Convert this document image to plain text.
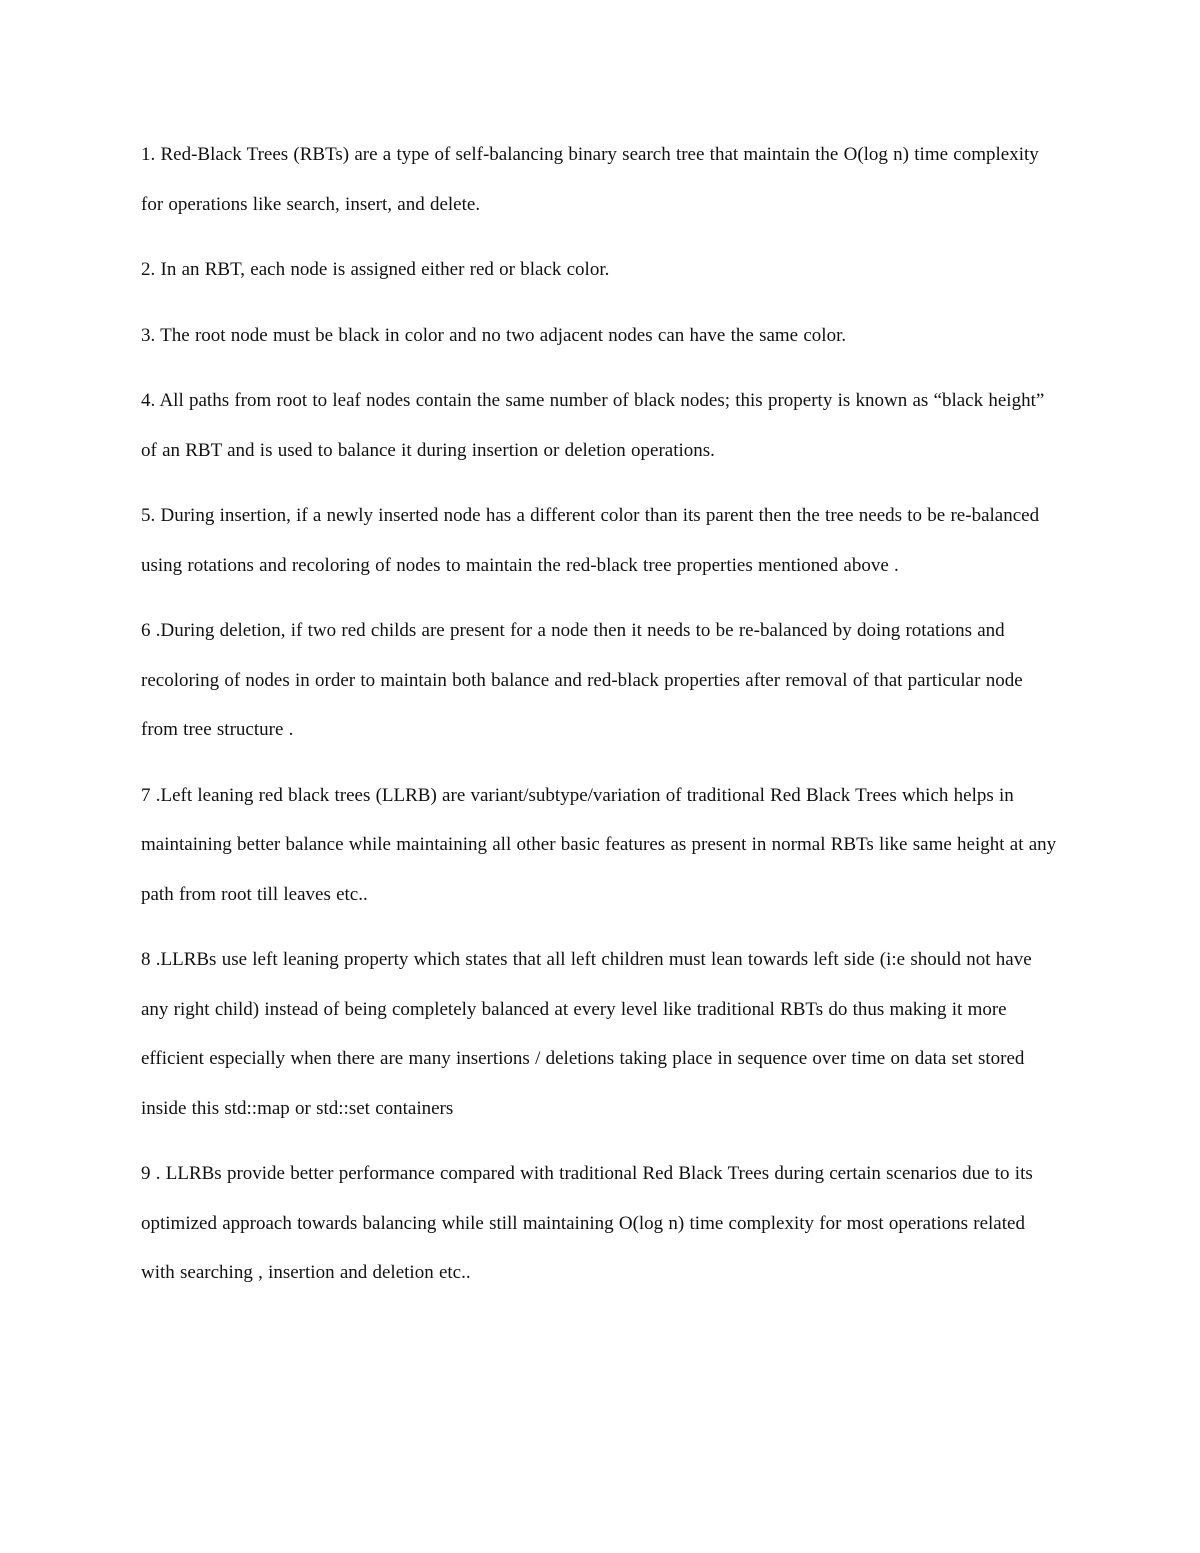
1. Red-Black Trees (RBTs) are a type of self-balancing binary search tree that maintain the O(log n) time complexity for operations like search, insert, and delete.

2. In an RBT, each node is assigned either red or black color.

3. The root node must be black in color and no two adjacent nodes can have the same color.

4. All paths from root to leaf nodes contain the same number of black nodes; this property is known as “black height” of an RBT and is used to balance it during insertion or deletion operations.

5. During insertion, if a newly inserted node has a different color than its parent then the tree needs to be re-balanced using rotations and recoloring of nodes to maintain the red-black tree properties mentioned above .

6 .During deletion, if two red childs are present for a node then it needs to be re-balanced by doing rotations and recoloring of nodes in order to maintain both balance and red-black properties after removal of that particular node from tree structure .

7 .Left leaning red black trees (LLRB) are variant/subtype/variation of traditional Red Black Trees which helps in maintaining better balance while maintaining all other basic features as present in normal RBTs like same height at any path from root till leaves etc..

8 .LLRBs use left leaning property which states that all left children must lean towards left side (i:e should not have any right child) instead of being completely balanced at every level like traditional RBTs do thus making it more efficient especially when there are many insertions / deletions taking place in sequence over time on data set stored inside this std::map or std::set containers

9 . LLRBs provide better performance compared with traditional Red Black Trees during certain scenarios due to its optimized approach towards balancing while still maintaining O(log n) time complexity for most operations related with searching , insertion and deletion etc..
